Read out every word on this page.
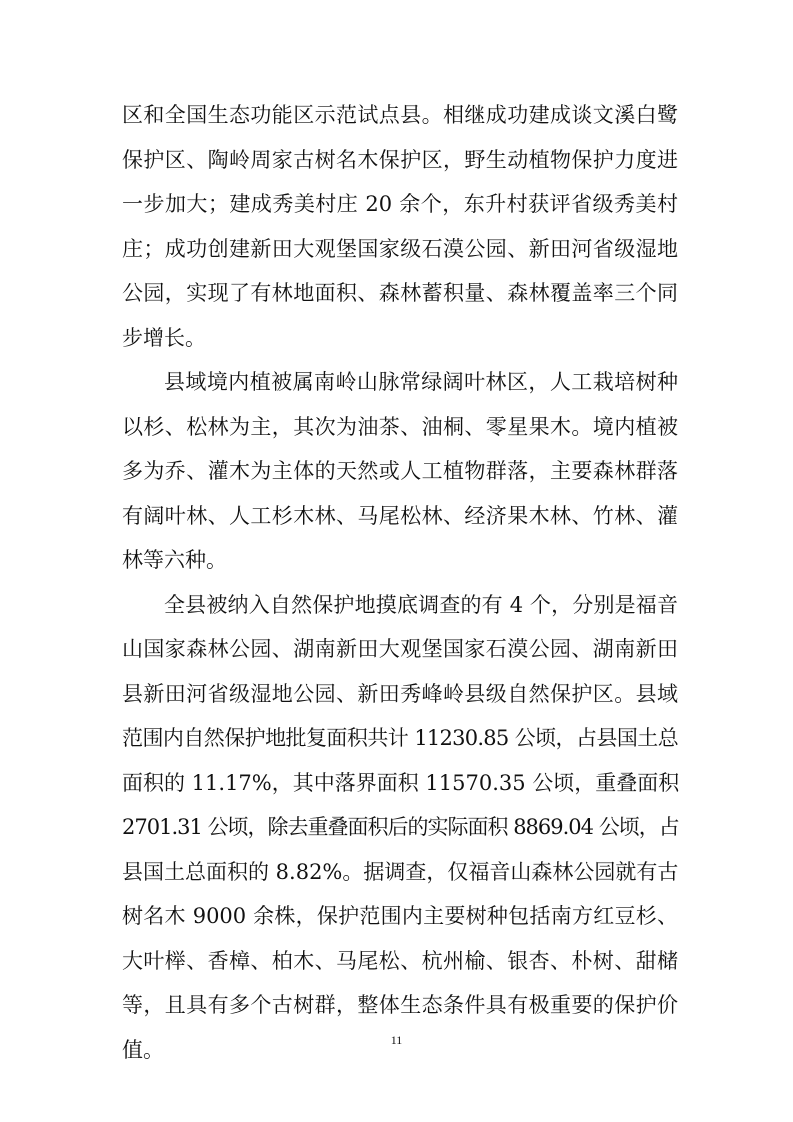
区和全国生态功能区示范试点县。相继成功建成谈文溪白鹭
保护区、陶岭周家古树名木保护区，野生动植物保护力度进
一步加大；建成秀美村庄 20 余个，东升村获评省级秀美村
庄；成功创建新田大观堡国家级石漠公园、新田河省级湿地
公园，实现了有林地面积、森林蓄积量、森林覆盖率三个同
步增长。
县域境内植被属南岭山脉常绿阔叶林区，人工栽培树种
以杉、松林为主，其次为油茶、油桐、零星果木。境内植被
多为乔、灌木为主体的天然或人工植物群落，主要森林群落
有阔叶林、人工杉木林、马尾松林、经济果木林、竹林、灌
林等六种。
全县被纳入自然保护地摸底调查的有 4 个，分别是福音
山国家森林公园、湖南新田大观堡国家石漠公园、湖南新田
县新田河省级湿地公园、新田秀峰岭县级自然保护区。县域
范围内自然保护地批复面积共计 11230.85 公顷，占县国土总
面积的 11.17%，其中落界面积 11570.35 公顷，重叠面积
2701.31 公顷，除去重叠面积后的实际面积 8869.04 公顷，占
县国土总面积的 8.82%。据调查，仅福音山森林公园就有古
树名木 9000 余株，保护范围内主要树种包括南方红豆杉、
大叶榉、香樟、柏木、马尾松、杭州榆、银杏、朴树、甜槠
等，且具有多个古树群，整体生态条件具有极重要的保护价
值。	11
